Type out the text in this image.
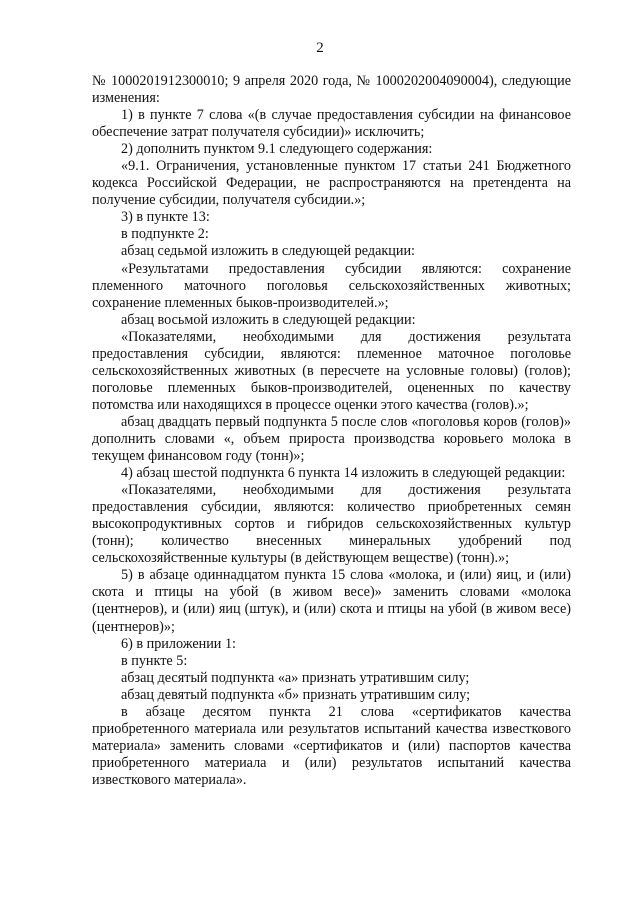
2

№ 1000201912300010; 9 апреля 2020 года, № 1000202004090004), следующие изменения:

1) в пункте 7 слова «(в случае предоставления субсидии на финансовое обеспечение затрат получателя субсидии)» исключить;

2) дополнить пунктом 9.1 следующего содержания:

«9.1. Ограничения, установленные пунктом 17 статьи 241 Бюджетного кодекса Российской Федерации, не распространяются на претендента на получение субсидии, получателя субсидии.»;

3) в пункте 13:

в подпункте 2:

абзац седьмой изложить в следующей редакции:

«Результатами предоставления субсидии являются: сохранение племенного маточного поголовья сельскохозяйственных животных; сохранение племенных быков-производителей.»;

абзац восьмой изложить в следующей редакции:

«Показателями, необходимыми для достижения результата предоставления субсидии, являются: племенное маточное поголовье сельскохозяйственных животных (в пересчете на условные головы) (голов); поголовье племенных быков-производителей, оцененных по качеству потомства или находящихся в процессе оценки этого качества (голов).»;

абзац двадцать первый подпункта 5 после слов «поголовья коров (голов)» дополнить словами «, объем прироста производства коровьего молока в текущем финансовом году (тонн)»;

4) абзац шестой подпункта 6 пункта 14 изложить в следующей редакции:

«Показателями, необходимыми для достижения результата предоставления субсидии, являются: количество приобретенных семян высокопродуктивных сортов и гибридов сельскохозяйственных культур (тонн); количество внесенных минеральных удобрений под сельскохозяйственные культуры (в действующем веществе) (тонн).»;

5) в абзаце одиннадцатом пункта 15 слова «молока, и (или) яиц, и (или) скота и птицы на убой (в живом весе)» заменить словами «молока (центнеров), и (или) яиц (штук), и (или) скота и птицы на убой (в живом весе) (центнеров)»;

6) в приложении 1:

в пункте 5:

абзац десятый подпункта «а» признать утратившим силу;

абзац девятый подпункта «б» признать утратившим силу;

в абзаце десятом пункта 21 слова «сертификатов качества приобретенного материала или результатов испытаний качества известкового материала» заменить словами «сертификатов и (или) паспортов качества приобретенного материала и (или) результатов испытаний качества известкового материала».
